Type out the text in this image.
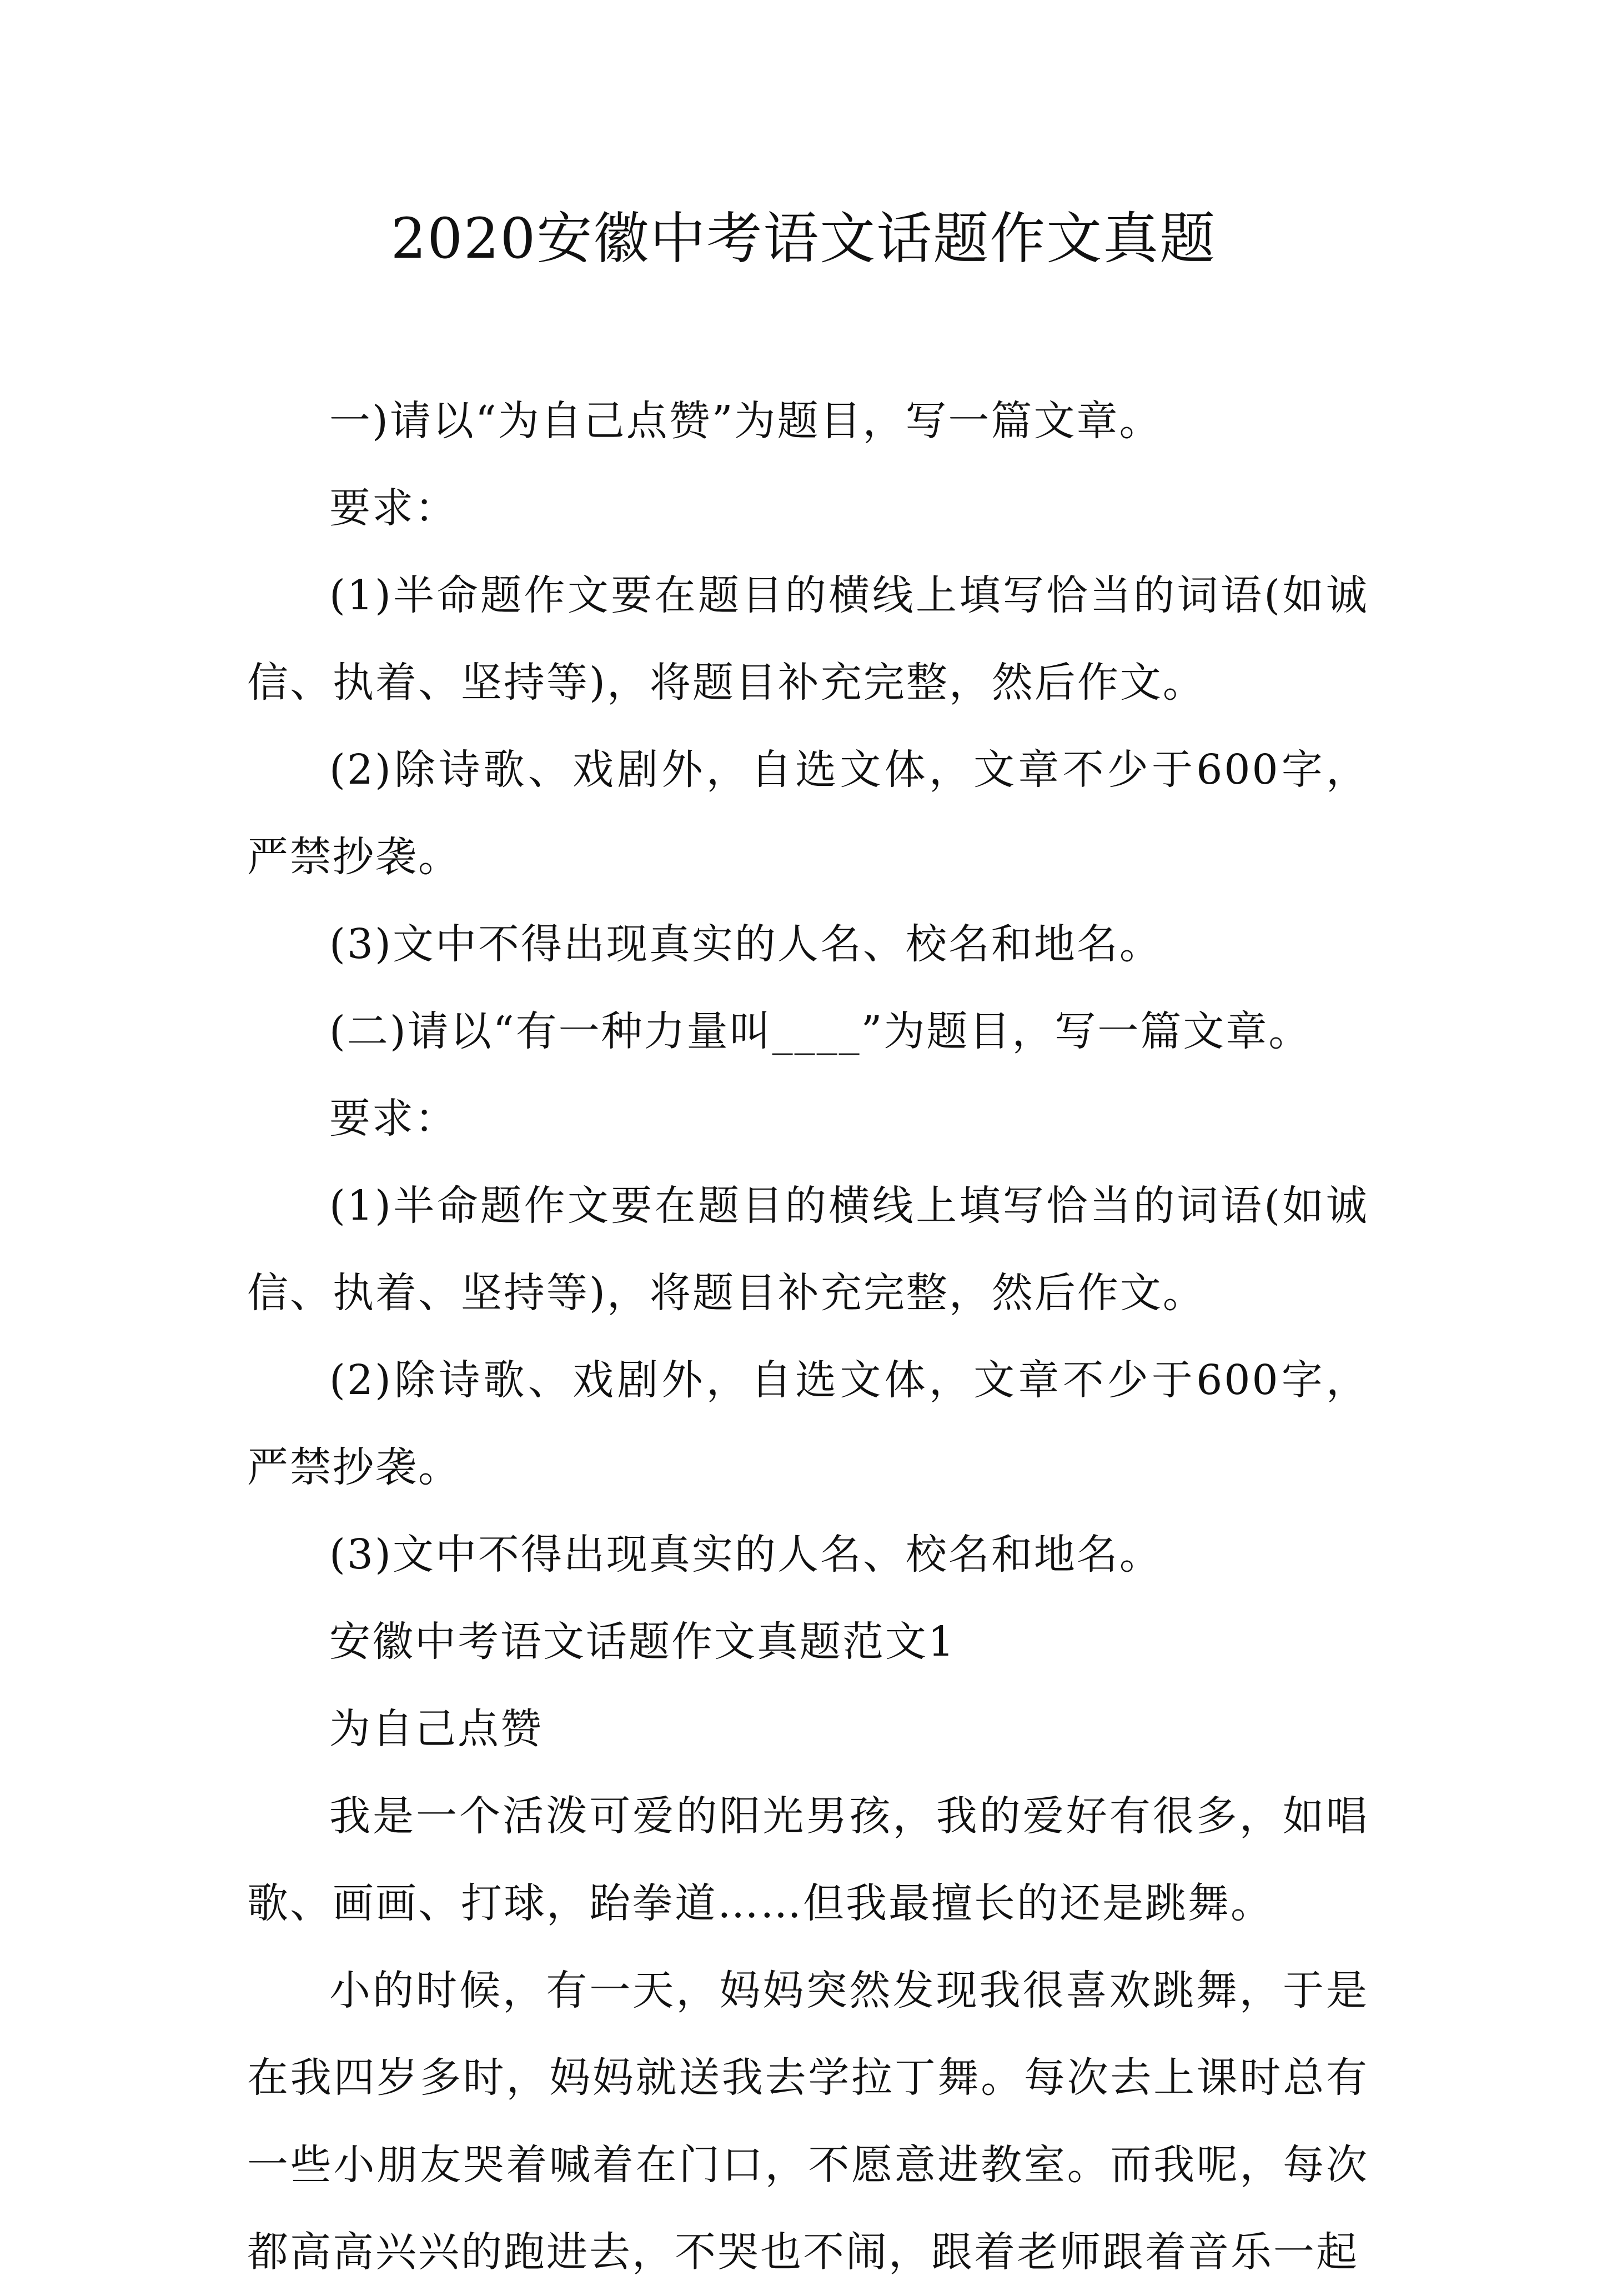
2020安徽中考语文话题作文真题

一)请以“为自己点赞”为题目，写一篇文章。

要求：

(1)半命题作文要在题目的横线上填写恰当的词语(如诚信、执着、坚持等)，将题目补充完整，然后作文。

(2)除诗歌、戏剧外，自选文体，文章不少于600字，严禁抄袭。

(3)文中不得出现真实的人名、校名和地名。

(二)请以“有一种力量叫____”为题目，写一篇文章。

要求：

(1)半命题作文要在题目的横线上填写恰当的词语(如诚信、执着、坚持等)，将题目补充完整，然后作文。

(2)除诗歌、戏剧外，自选文体，文章不少于600字，严禁抄袭。

(3)文中不得出现真实的人名、校名和地名。

安徽中考语文话题作文真题范文1

为自己点赞

我是一个活泼可爱的阳光男孩，我的爱好有很多，如唱歌、画画、打球，跆拳道……但我最擅长的还是跳舞。

小的时候，有一天，妈妈突然发现我很喜欢跳舞，于是在我四岁多时，妈妈就送我去学拉丁舞。每次去上课时总有一些小朋友哭着喊着在门口，不愿意进教室。而我呢，每次都高高兴兴的跑进去，不哭也不闹，跟着老师跟着音乐一起
